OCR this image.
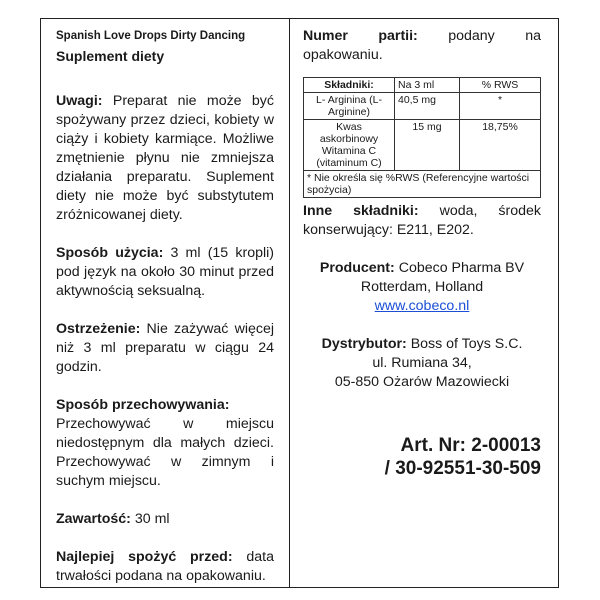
Spanish Love Drops Dirty Dancing
Suplement diety

Uwagi: Preparat nie może być spożywany przez dzieci, kobiety w ciąży i kobiety karmiące. Możliwe zmętnienie płynu nie zmniejsza działania preparatu. Suplement diety nie może być substytutem zróżnicowanej diety.

Sposób użycia: 3 ml (15 kropli) pod język na około 30 minut przed aktywnością seksualną.

Ostrzeżenie: Nie zażywać więcej niż 3 ml preparatu w ciągu 24 godzin.

Sposób przechowywania:
Przechowywać w miejscu niedostępnym dla małych dzieci. Przechowywać w zimnym i suchym miejscu.

Zawartość: 30 ml

Najlepiej spożyć przed: data trwałości podana na opakowaniu.

Numer partii: podany na opakowaniu.

Składniki:	Na 3 ml	% RWS
L- Arginina (L-Arginine)	40,5 mg	*
Kwas askorbinowy Witamina C (vitaminum C)	15 mg	18,75%
* Nie określa się %RWS (Referencyjne wartości spożycia)		

Inne składniki: woda, środek konserwujący: E211, E202.

Producent: Cobeco Pharma BV
Rotterdam, Holland
www.cobeco.nl

Dystrybutor: Boss of Toys S.C.
ul. Rumiana 34,
05-850 Ożarów Mazowiecki

Art. Nr: 2-00013
/ 30-92551-30-509
